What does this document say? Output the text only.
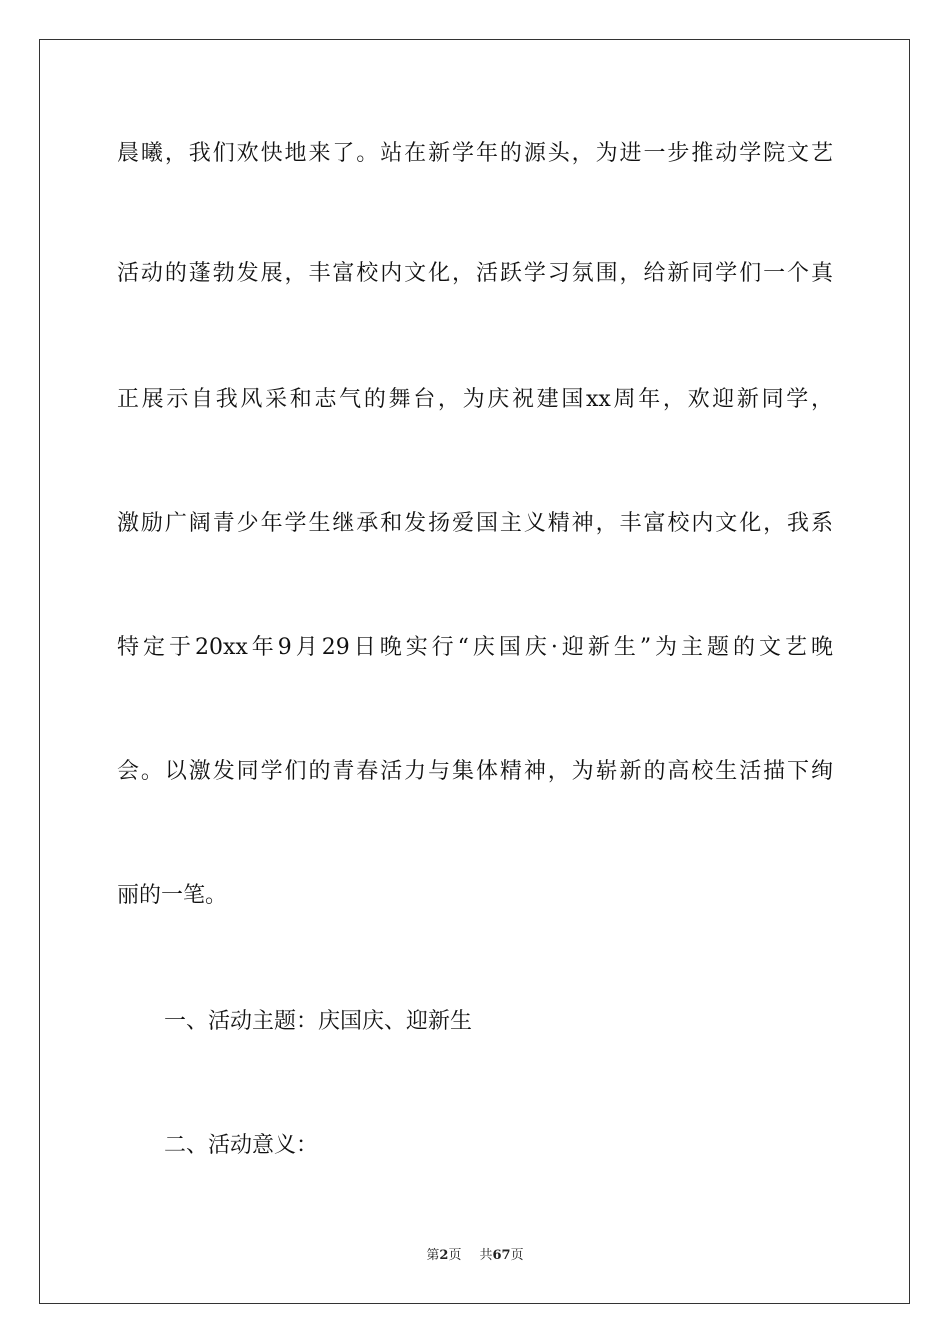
晨曦，我们欢快地来了。站在新学年的源头，为进一步推动学院文艺
活动的蓬勃发展，丰富校内文化，活跃学习氛围，给新同学们一个真
正展示自我风采和志气的舞台，为庆祝建国xx周年，欢迎新同学，
激励广阔青少年学生继承和发扬爱国主义精神，丰富校内文化，我系
特定于20xx年9月29日晚实行“庆国庆·迎新生”为主题的文艺晚
会。以激发同学们的青春活力与集体精神，为崭新的高校生活描下绚
丽的一笔。
一、活动主题：庆国庆、迎新生
二、活动意义：
第2页 共67页
